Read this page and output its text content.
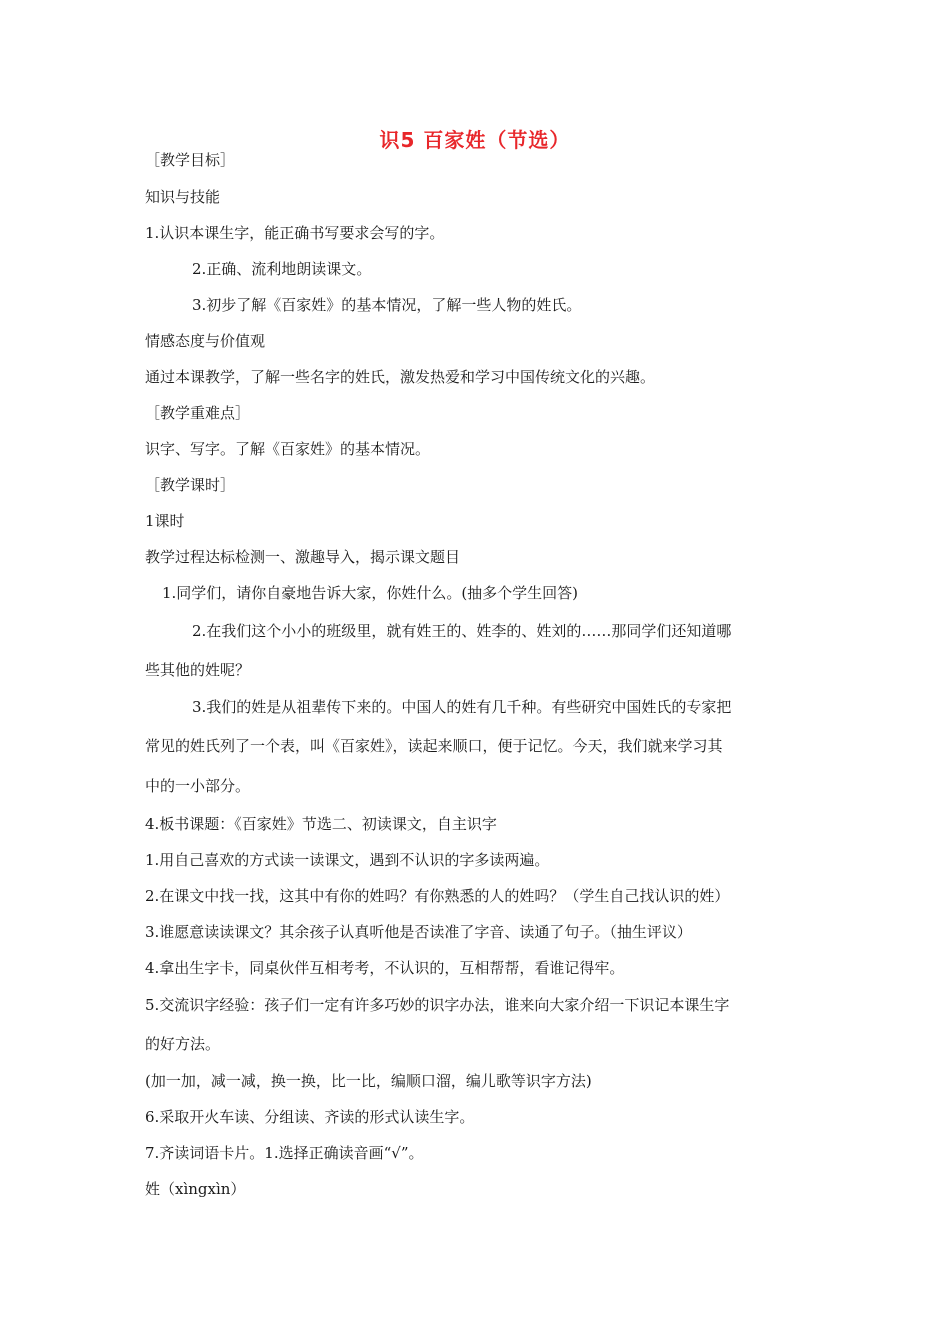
识5 百家姓（节选）
［教学目标］
知识与技能
1.认识本课生字，能正确书写要求会写的字。
2.正确、流利地朗读课文。
3.初步了解《百家姓》的基本情况，了解一些人物的姓氏。
情感态度与价值观
通过本课教学，了解一些名字的姓氏，激发热爱和学习中国传统文化的兴趣。
［教学重难点］
识字、写字。了解《百家姓》的基本情况。
［教学课时］
1课时
教学过程达标检测一、激趣导入，揭示课文题目
1.同学们，请你自豪地告诉大家，你姓什么。(抽多个学生回答)
2.在我们这个小小的班级里，就有姓王的、姓李的、姓刘的……那同学们还知道哪
些其他的姓呢？
3.我们的姓是从祖辈传下来的。中国人的姓有几千种。有些研究中国姓氏的专家把
常见的姓氏列了一个表，叫《百家姓》，读起来顺口，便于记忆。今天，我们就来学习其
中的一小部分。
4.板书课题：《百家姓》节选二、初读课文，自主识字
1.用自己喜欢的方式读一读课文，遇到不认识的字多读两遍。
2.在课文中找一找，这其中有你的姓吗？有你熟悉的人的姓吗？（学生自己找认识的姓）
3.谁愿意读读课文？其余孩子认真听他是否读准了字音、读通了句子。（抽生评议）
4.拿出生字卡，同桌伙伴互相考考，不认识的，互相帮帮，看谁记得牢。
5.交流识字经验：孩子们一定有许多巧妙的识字办法，谁来向大家介绍一下识记本课生字
的好方法。
(加一加，减一减，换一换，比一比，编顺口溜，编儿歌等识字方法)
6.采取开火车读、分组读、齐读的形式认读生字。
7.齐读词语卡片。1.选择正确读音画“√”。
姓（xìngxìn）
